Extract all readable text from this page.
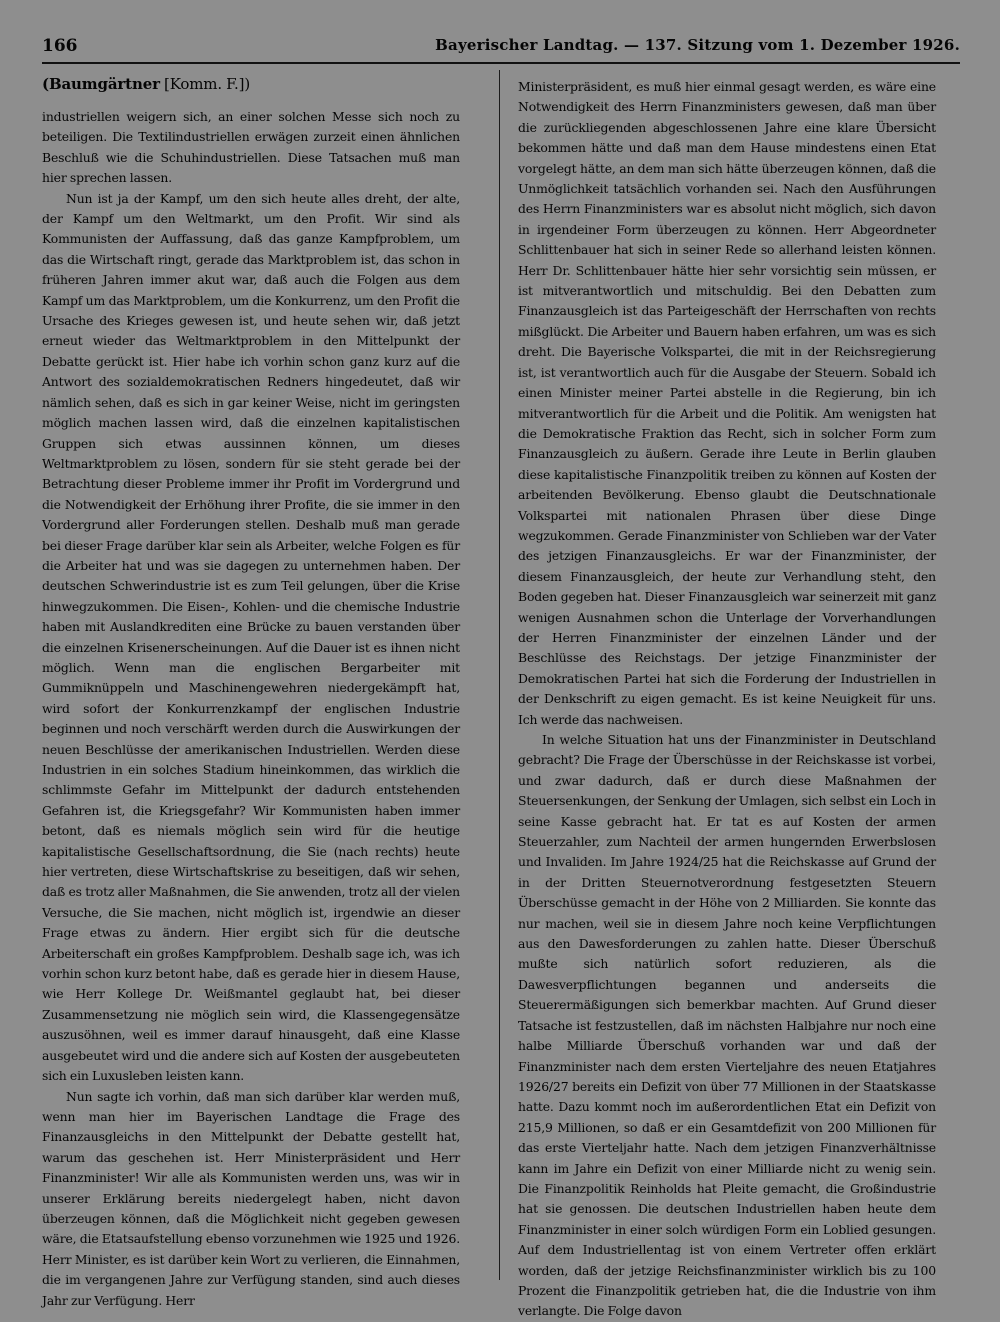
166	Bayerischer Landtag. — 137. Sitzung vom 1. Dezember 1926.
(Baumgärtner [Komm. F.])

industriellen weigern sich, an einer solchen Messe sich noch zu beteiligen. Die Textilindustriellen erwägen zurzeit einen ähnlichen Beschluß wie die Schuhindustriellen. Diese Tatsachen muß man hier sprechen lassen.

Nun ist ja der Kampf, um den sich heute alles dreht, der alte, der Kampf um den Weltmarkt, um den Profit. Wir sind als Kommunisten der Auffassung, daß das ganze Kampfproblem, um das die Wirtschaft ringt, gerade das Marktproblem ist, das schon in früheren Jahren immer akut war, daß auch die Folgen aus dem Kampf um das Marktproblem, um die Konkurrenz, um den Profit die Ursache des Krieges gewesen ist, und heute sehen wir, daß jetzt erneut wieder das Weltmarktproblem in den Mittelpunkt der Debatte gerückt ist. Hier habe ich vorhin schon ganz kurz auf die Antwort des sozialdemokratischen Redners hingedeutet, daß wir nämlich sehen, daß es sich in gar keiner Weise, nicht im geringsten möglich machen lassen wird, daß die einzelnen kapitalistischen Gruppen sich etwas aussinnen können, um dieses Weltmarktproblem zu lösen, sondern für sie steht gerade bei der Betrachtung dieser Probleme immer ihr Profit im Vordergrund und die Notwendigkeit der Erhöhung ihrer Profite, die sie immer in den Vordergrund aller Forderungen stellen. Deshalb muß man gerade bei dieser Frage darüber klar sein als Arbeiter, welche Folgen es für die Arbeiter hat und was sie dagegen zu unternehmen haben. Der deutschen Schwerindustrie ist es zum Teil gelungen, über die Krise hinwegzukommen. Die Eisen-, Kohlen- und die chemische Industrie haben mit Auslandkrediten eine Brücke zu bauen verstanden über die einzelnen Krisenerscheinungen. Auf die Dauer ist es ihnen nicht möglich. Wenn man die englischen Bergarbeiter mit Gummiknüppeln und Maschinengewehren niedergekämpft hat, wird sofort der Konkurrenzkampf der englischen Industrie beginnen und noch verschärft werden durch die Auswirkungen der neuen Beschlüsse der amerikanischen Industriellen. Werden diese Industrien in ein solches Stadium hineinkommen, das wirklich die schlimmste Gefahr im Mittelpunkt der dadurch entstehenden Gefahren ist, die Kriegsgefahr? Wir Kommunisten haben immer betont, daß es niemals möglich sein wird für die heutige kapitalistische Gesellschaftsordnung, die Sie (nach rechts) heute hier vertreten, diese Wirtschaftskrise zu beseitigen, daß wir sehen, daß es trotz aller Maßnahmen, die Sie anwenden, trotz all der vielen Versuche, die Sie machen, nicht möglich ist, irgendwie an dieser Frage etwas zu ändern. Hier ergibt sich für die deutsche Arbeiterschaft ein großes Kampfproblem. Deshalb sage ich, was ich vorhin schon kurz betont habe, daß es gerade hier in diesem Hause, wie Herr Kollege Dr. Weißmantel geglaubt hat, bei dieser Zusammensetzung nie möglich sein wird, die Klassengegensätze auszusöhnen, weil es immer darauf hinausgeht, daß eine Klasse ausgebeutet wird und die andere sich auf Kosten der ausgebeuteten sich ein Luxusleben leisten kann.

Nun sagte ich vorhin, daß man sich darüber klar werden muß, wenn man hier im Bayerischen Landtage die Frage des Finanzausgleichs in den Mittelpunkt der Debatte gestellt hat, warum das geschehen ist. Herr Ministerpräsident und Herr Finanzminister! Wir alle als Kommunisten werden uns, was wir in unserer Erklärung bereits niedergelegt haben, nicht davon überzeugen können, daß die Möglichkeit nicht gegeben gewesen wäre, die Etatsaufstellung ebenso vorzunehmen wie 1925 und 1926. Herr Minister, es ist darüber kein Wort zu verlieren, die Einnahmen, die im vergangenen Jahre zur Verfügung standen, sind auch dieses Jahr zur Verfügung. Herr

Ministerpräsident, es muß hier einmal gesagt werden, es wäre eine Notwendigkeit des Herrn Finanzministers gewesen, daß man über die zurückliegenden abgeschlossenen Jahre eine klare Übersicht bekommen hätte und daß man dem Hause mindestens einen Etat vorgelegt hätte, an dem man sich hätte überzeugen können, daß die Unmöglichkeit tatsächlich vorhanden sei. Nach den Ausführungen des Herrn Finanzministers war es absolut nicht möglich, sich davon in irgendeiner Form überzeugen zu können. Herr Abgeordneter Schlittenbauer hat sich in seiner Rede so allerhand leisten können. Herr Dr. Schlittenbauer hätte hier sehr vorsichtig sein müssen, er ist mitverantwortlich und mitschuldig. Bei den Debatten zum Finanzausgleich ist das Parteigeschäft der Herrschaften von rechts mißglückt. Die Arbeiter und Bauern haben erfahren, um was es sich dreht. Die Bayerische Volkspartei, die mit in der Reichsregierung ist, ist verantwortlich auch für die Ausgabe der Steuern. Sobald ich einen Minister meiner Partei abstelle in die Regierung, bin ich mitverantwortlich für die Arbeit und die Politik. Am wenigsten hat die Demokratische Fraktion das Recht, sich in solcher Form zum Finanzausgleich zu äußern. Gerade ihre Leute in Berlin glauben diese kapitalistische Finanzpolitik treiben zu können auf Kosten der arbeitenden Bevölkerung. Ebenso glaubt die Deutschnationale Volkspartei mit nationalen Phrasen über diese Dinge wegzukommen. Gerade Finanzminister von Schlieben war der Vater des jetzigen Finanzausgleichs. Er war der Finanzminister, der diesem Finanzausgleich, der heute zur Verhandlung steht, den Boden gegeben hat. Dieser Finanzausgleich war seinerzeit mit ganz wenigen Ausnahmen schon die Unterlage der Vorverhandlungen der Herren Finanzminister der einzelnen Länder und der Beschlüsse des Reichstags. Der jetzige Finanzminister der Demokratischen Partei hat sich die Forderung der Industriellen in der Denkschrift zu eigen gemacht. Es ist keine Neuigkeit für uns. Ich werde das nachweisen.

In welche Situation hat uns der Finanzminister in Deutschland gebracht? Die Frage der Überschüsse in der Reichskasse ist vorbei, und zwar dadurch, daß er durch diese Maßnahmen der Steuersenkungen, der Senkung der Umlagen, sich selbst ein Loch in seine Kasse gebracht hat. Er tat es auf Kosten der armen Steuerzahler, zum Nachteil der armen hungernden Erwerbslosen und Invaliden. Im Jahre 1924/25 hat die Reichskasse auf Grund der in der Dritten Steuernotverordnung festgesetzten Steuern Überschüsse gemacht in der Höhe von 2 Milliarden. Sie konnte das nur machen, weil sie in diesem Jahre noch keine Verpflichtungen aus den Dawesforderungen zu zahlen hatte. Dieser Überschuß mußte sich natürlich sofort reduzieren, als die Dawesverpflichtungen begannen und anderseits die Steuerermäßigungen sich bemerkbar machten. Auf Grund dieser Tatsache ist festzustellen, daß im nächsten Halbjahre nur noch eine halbe Milliarde Überschuß vorhanden war und daß der Finanzminister nach dem ersten Vierteljahre des neuen Etatjahres 1926/27 bereits ein Defizit von über 77 Millionen in der Staatskasse hatte. Dazu kommt noch im außerordentlichen Etat ein Defizit von 215,9 Millionen, so daß er ein Gesamtdefizit von 200 Millionen für das erste Vierteljahr hatte. Nach dem jetzigen Finanzverhältnisse kann im Jahre ein Defizit von einer Milliarde nicht zu wenig sein. Die Finanzpolitik Reinholds hat Pleite gemacht, die Großindustrie hat sie genossen. Die deutschen Industriellen haben heute dem Finanzminister in einer solch würdigen Form ein Loblied gesungen. Auf dem Industriellentag ist von einem Vertreter offen erklärt worden, daß der jetzige Reichsfinanzminister wirklich bis zu 100 Prozent die Finanzpolitik getrieben hat, die die Industrie von ihm verlangte. Die Folge davon
